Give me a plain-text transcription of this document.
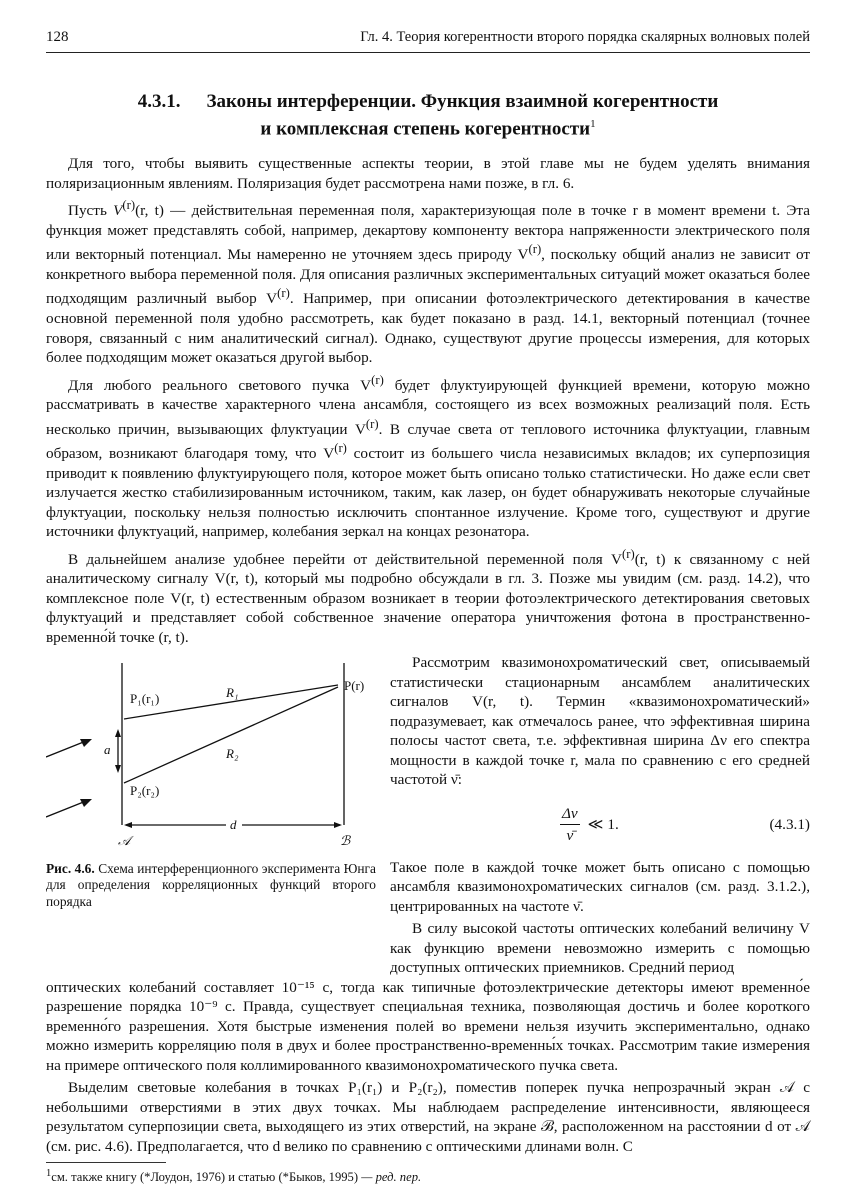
128	Гл. 4. Теория когерентности второго порядка скалярных волновых полей
4.3.1. Законы интерференции. Функция взаимной когерентности
и комплексная степень когерентности$^1$

Для того, чтобы выявить существенные аспекты теории, в этой главе мы не будем уделять внимания поляризационным явлениям. Поляризация будет рассмотрена нами позже, в гл. 6.

Пусть $V^{(r)}(r$, t) — действительная переменная поля, характеризующая поле в точке r в момент времени t. Эта функция может представлять собой, например, декартову компоненту вектора напряженности электрического поля или векторный потенциал. Мы намеренно не уточняем здесь природу $V^{(r)}$, поскольку общий анализ не зависит от конкретного выбора переменной поля. Для описания различных экспериментальных ситуаций может оказаться более подходящим различный выбор $V^{(r)}$. Например, при описании фотоэлектрического детектирования в качестве основной переменной поля удобно рассмотреть, как будет показано в разд. 14.1, векторный потенциал (точнее говоря, связанный с ним аналитический сигнал). Однако, существуют другие процессы измерения, для которых более подходящим может оказаться другой выбор.

Для любого реального светового пучка $V^{(r)}$ будет флуктуирующей функцией времени, которую можно рассматривать в качестве характерного члена ансамбля, состоящего из всех возможных реализаций поля. Есть несколько причин, вызывающих флуктуации $V^{(r)}$. В случае света от теплового источника флуктуации, главным образом, возникают благодаря тому, что $V^{(r)}$ состоит из большего числа независимых вкладов; их суперпозиция приводит к появлению флуктуирующего поля, которое может быть описано только статистически. Но даже если свет излучается жестко стабилизированным источником, таким, как лазер, он будет обнаруживать некоторые случайные флуктуации, поскольку нельзя полностью исключить спонтанное излучение. Кроме того, существуют и другие источники флуктуаций, например, колебания зеркал на концах резонатора.

В дальнейшем анализе удобнее перейти от действительной переменной поля $V^{(r)}(r$, t) к связанному с ней аналитическому сигналу V(r, t), который мы подробно обсуждали в гл. 3. Позже мы увидим (см. разд. 14.2), что комплексное поле V(r, t) естественным образом возникает в теории фотоэлектрического детектирования световых флуктуаций и представляет собой собственное значение оператора уничтожения фотона в пространственно-временно́й точке (r, t).

P₁(r₁)
P₂(r₂)
P(r)
R₁
R₂
a
d
𝒜	ℬ
Рис. 4.6. Схема интерференционного эксперимента Юнга для определения корреляционных функций второго порядка

Рассмотрим квазимонохроматический свет, описываемый статистически стационарным ансамблем аналитических сигналов V(r, t). Термин «квазимонохроматический» подразумевает, как отмечалось ранее, что эффективная ширина полосы частот света, т.е. эффективная ширина Δν его спектра мощности в каждой точке r, мала по сравнению с его средней частотой ν̄:

$\frac{\Delta\nu}{\nū}$ ≪ 1.	(4.3.1)

Такое поле в каждой точке может быть описано с помощью ансамбля квазимонохроматических сигналов (см. разд. 3.1.2.), центрированных на частоте ν̄.

В силу высокой частоты оптических колебаний величину V как функцию времени невозможно измерить с помощью доступных оптических приемников. Средний период

оптических колебаний составляет 10⁻¹⁵ с, тогда как типичные фотоэлектрические детекторы имеют временно́е разрешение порядка 10⁻⁹ с. Правда, существует специальная техника, позволяющая достичь и более короткого временно́го разрешения. Хотя быстрые изменения полей во времени нельзя изучить экспериментально, однако можно измерить корреляцию поля в двух и более пространственно-временны́х точках. Рассмотрим такие измерения на примере оптического поля коллимированного квазимонохроматического пучка света.

Выделим световые колебания в точках P₁(r₁) и P₂(r₂), поместив поперек пучка непрозрачный экран 𝒜 с небольшими отверстиями в этих двух точках. Мы наблюдаем распределение интенсивности, являющееся результатом суперпозиции света, выходящего из этих отверстий, на экране ℬ, расположенном на расстоянии d от 𝒜 (см. рис. 4.6). Предполагается, что d велико по сравнению с оптическими длинами волн. С

$^1$см. также книгу (*Лоудон, 1976) и статью (*Быков, 1995) — ред. пер.
